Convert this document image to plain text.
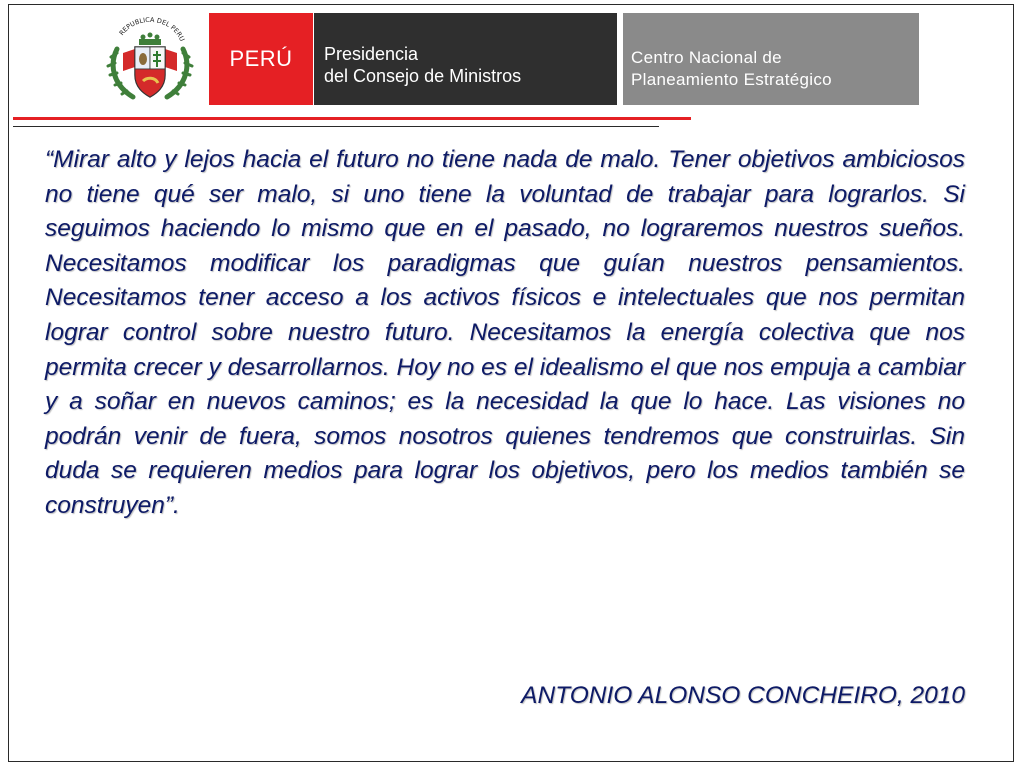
REPUBLICA DEL PERU
PERÚ Presidencia
del Consejo de Ministros
Centro Nacional de
Planeamiento Estratégico

“Mirar alto y lejos hacia el futuro no tiene nada de malo. Tener objetivos ambiciosos no tiene qué ser malo, si uno tiene la voluntad de trabajar para lograrlos. Si seguimos haciendo lo mismo que en el pasado, no lograremos nuestros sueños. Necesitamos modificar los paradigmas que guían nuestros pensamientos. Necesitamos tener acceso a los activos físicos e intelectuales que nos permitan lograr control sobre nuestro futuro. Necesitamos la energía colectiva que nos permita crecer y desarrollarnos. Hoy no es el idealismo el que nos empuja a cambiar y a soñar en nuevos caminos; es la necesidad la que lo hace. Las visiones no podrán venir de fuera, somos nosotros quienes tendremos que construirlas. Sin duda se requieren medios para lograr los objetivos, pero los medios también se construyen”.

ANTONIO ALONSO CONCHEIRO, 2010
